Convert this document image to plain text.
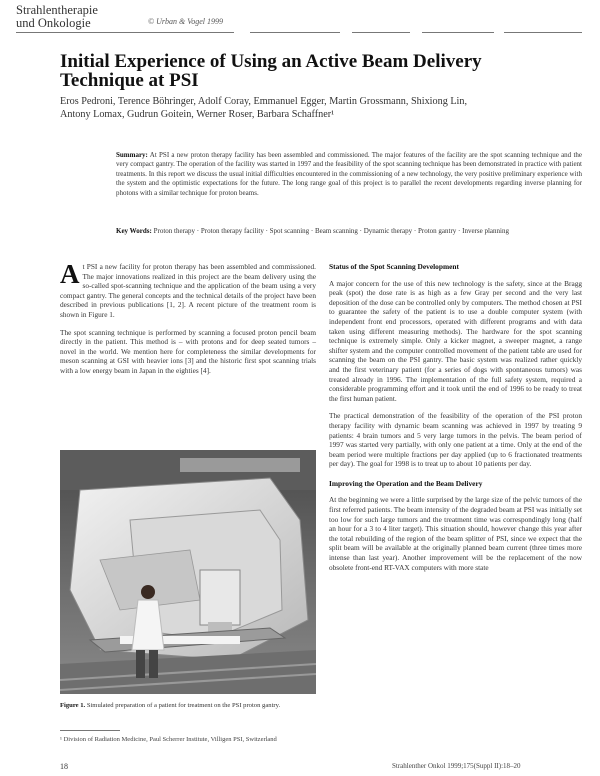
Strahlentherapie
und Onkologie	© Urban & Vogel 1999
Initial Experience of Using an Active Beam Delivery
Technique at PSI
Eros Pedroni, Terence Böhringer, Adolf Coray, Emmanuel Egger, Martin Grossmann, Shixiong Lin,
Antony Lomax, Gudrun Goitein, Werner Roser, Barbara Schaffner¹
Summary: At PSI a new proton therapy facility has been assembled and commissioned. The major features of the facility are the spot scanning technique and the very compact gantry. The operation of the facility was started in 1997 and the feasibility of the spot scanning technique has been demonstrated in practice with patient treatments. In this report we discuss the usual initial difficulties encountered in the commissioning of a new technology, the very positive preliminary experience with the system and the optimistic expectations for the future. The long range goal of this project is to parallel the recent developments regarding inverse planning for photons with a similar technique for proton beams.
Key Words: Proton therapy · Proton therapy facility · Spot scanning · Beam scanning · Dynamic therapy · Proton gantry · Inverse planning

At PSI a new facility for proton therapy has been assembled and commissioned. The major innovations realized in this project are the beam delivery using the so-called spot-scanning technique and the application of the beam using a very compact gantry. The general concepts and the technical details of the project have been described in previous publications [1, 2]. A recent picture of the treatment room is shown in Figure 1.

The spot scanning technique is performed by scanning a focused proton pencil beam directly in the patient. This method is – with protons and for deep seated tumors – novel in the world. We mention here for completeness the similar developments for meson scanning at GSI with heavier ions [3] and the historic first spot scanning trials with a low energy beam in Japan in the eighties [4].

Figure 1. Simulated preparation of a patient for treatment on the PSI proton gantry.
Status of the Spot Scanning Development

A major concern for the use of this new technology is the safety, since at the Bragg peak (spot) the dose rate is as high as a few Gray per second and the very last deposition of the dose can be controlled only by computers. The method chosen at PSI to guarantee the safety of the patient is to use a double computer system (with independent front end processors, operated with different programs and with data taken using different measuring methods). The hardware for the spot scanning technique is extremely simple. Only a kicker magnet, a sweeper magnet, a range shifter system and the computer controlled movement of the patient table are used for scanning the beam on the PSI gantry. The basic system was realized rather quickly and the first veterinary patient (for a series of dogs with spontaneous tumors) was treated already in 1996. The implementation of the full safety system, required a considerable programming effort and it took until the end of 1996 to be ready to treat the first human patient.

The practical demonstration of the feasibility of the operation of the PSI proton therapy facility with dynamic beam scanning was achieved in 1997 by treating 9 patients: 4 brain tumors and 5 very large tumors in the pelvis. The beam period of 1997 was started very partially, with only one patient at a time. Only at the end of the beam period were multiple fractions per day applied (up to 6 fractionated treatments per day). The goal for 1998 is to treat up to about 10 patients per day.

Improving the Operation and the Beam Delivery

At the beginning we were a little surprised by the large size of the pelvic tumors of the first referred patients. The beam intensity of the degraded beam at PSI was initially set too low for such large tumors and the treatment time was correspondingly long (half an hour for a 3 to 4 liter target). This situation should, however change this year after the total rebuilding of the region of the beam splitter of PSI, since we expect that the split beam will be available at the originally planned beam current (three times more intense than last year). Another improvement will be the replacement of the now obsolete front-end RT-VAX computers with more state

¹ Division of Radiation Medicine, Paul Scherrer Institute, Villigen PSI, Switzerland
18	Strahlenther Onkol 1999;175(Suppl II):18–20
